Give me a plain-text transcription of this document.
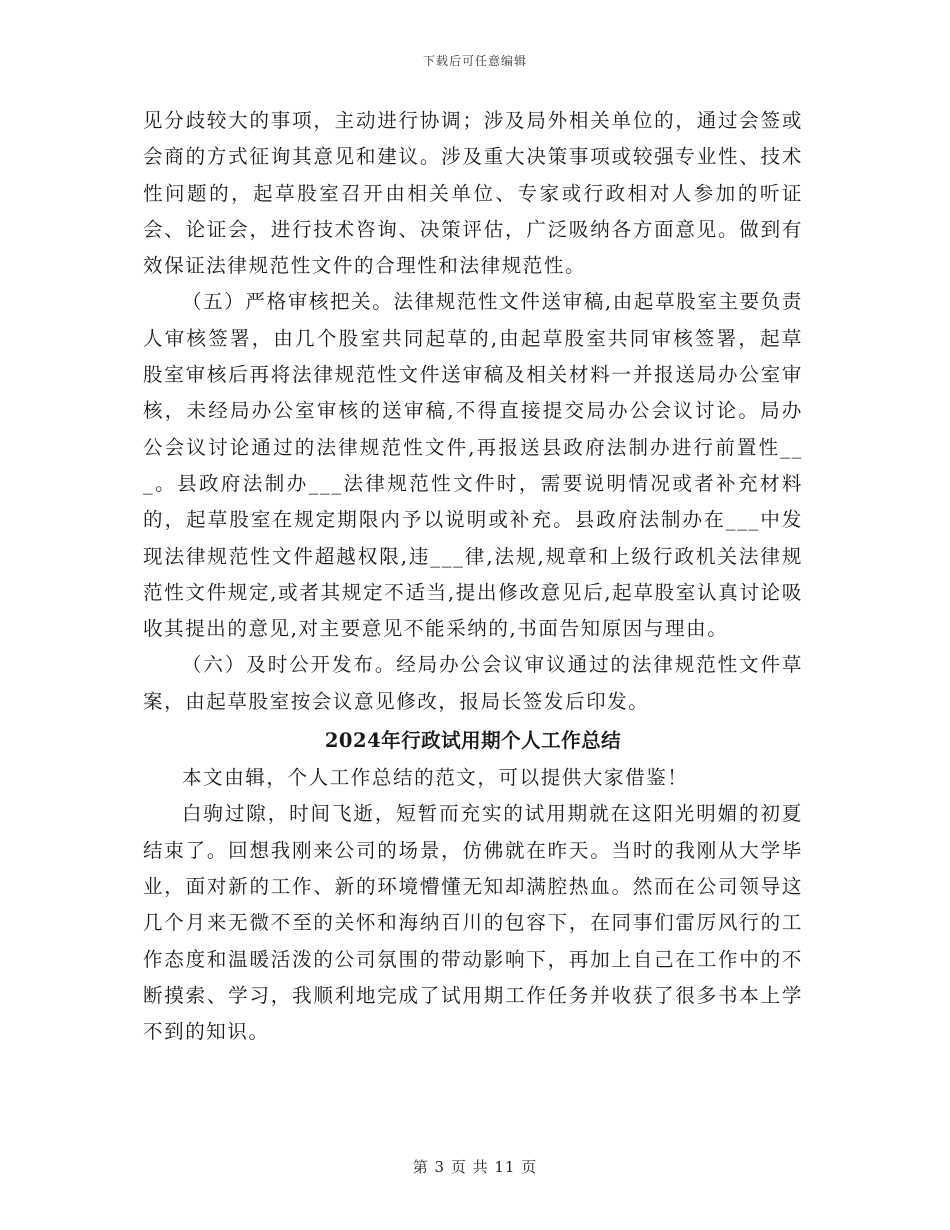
下载后可任意编辑

见分歧较大的事项，主动进行协调；涉及局外相关单位的，通过会签或会商的方式征询其意见和建议。涉及重大决策事项或较强专业性、技术性问题的，起草股室召开由相关单位、专家或行政相对人参加的听证会、论证会，进行技术咨询、决策评估，广泛吸纳各方面意见。做到有效保证法律规范性文件的合理性和法律规范性。

（五）严格审核把关。法律规范性文件送审稿,由起草股室主要负责人审核签署，由几个股室共同起草的,由起草股室共同审核签署，起草股室审核后再将法律规范性文件送审稿及相关材料一并报送局办公室审核，未经局办公室审核的送审稿,不得直接提交局办公会议讨论。局办公会议讨论通过的法律规范性文件,再报送县政府法制办进行前置性___。县政府法制办___法律规范性文件时，需要说明情况或者补充材料的，起草股室在规定期限内予以说明或补充。县政府法制办在___中发现法律规范性文件超越权限,违___律,法规,规章和上级行政机关法律规范性文件规定,或者其规定不适当,提出修改意见后,起草股室认真讨论吸收其提出的意见,对主要意见不能采纳的,书面告知原因与理由。

（六）及时公开发布。经局办公会议审议通过的法律规范性文件草案，由起草股室按会议意见修改，报局长签发后印发。

2024年行政试用期个人工作总结

本文由辑，个人工作总结的范文，可以提供大家借鉴！

白驹过隙，时间飞逝，短暂而充实的试用期就在这阳光明媚的初夏结束了。回想我刚来公司的场景，仿佛就在昨天。当时的我刚从大学毕业，面对新的工作、新的环境懵懂无知却满腔热血。然而在公司领导这几个月来无微不至的关怀和海纳百川的包容下，在同事们雷厉风行的工作态度和温暖活泼的公司氛围的带动影响下，再加上自己在工作中的不断摸索、学习，我顺利地完成了试用期工作任务并收获了很多书本上学不到的知识。

第 3 页 共 11 页
